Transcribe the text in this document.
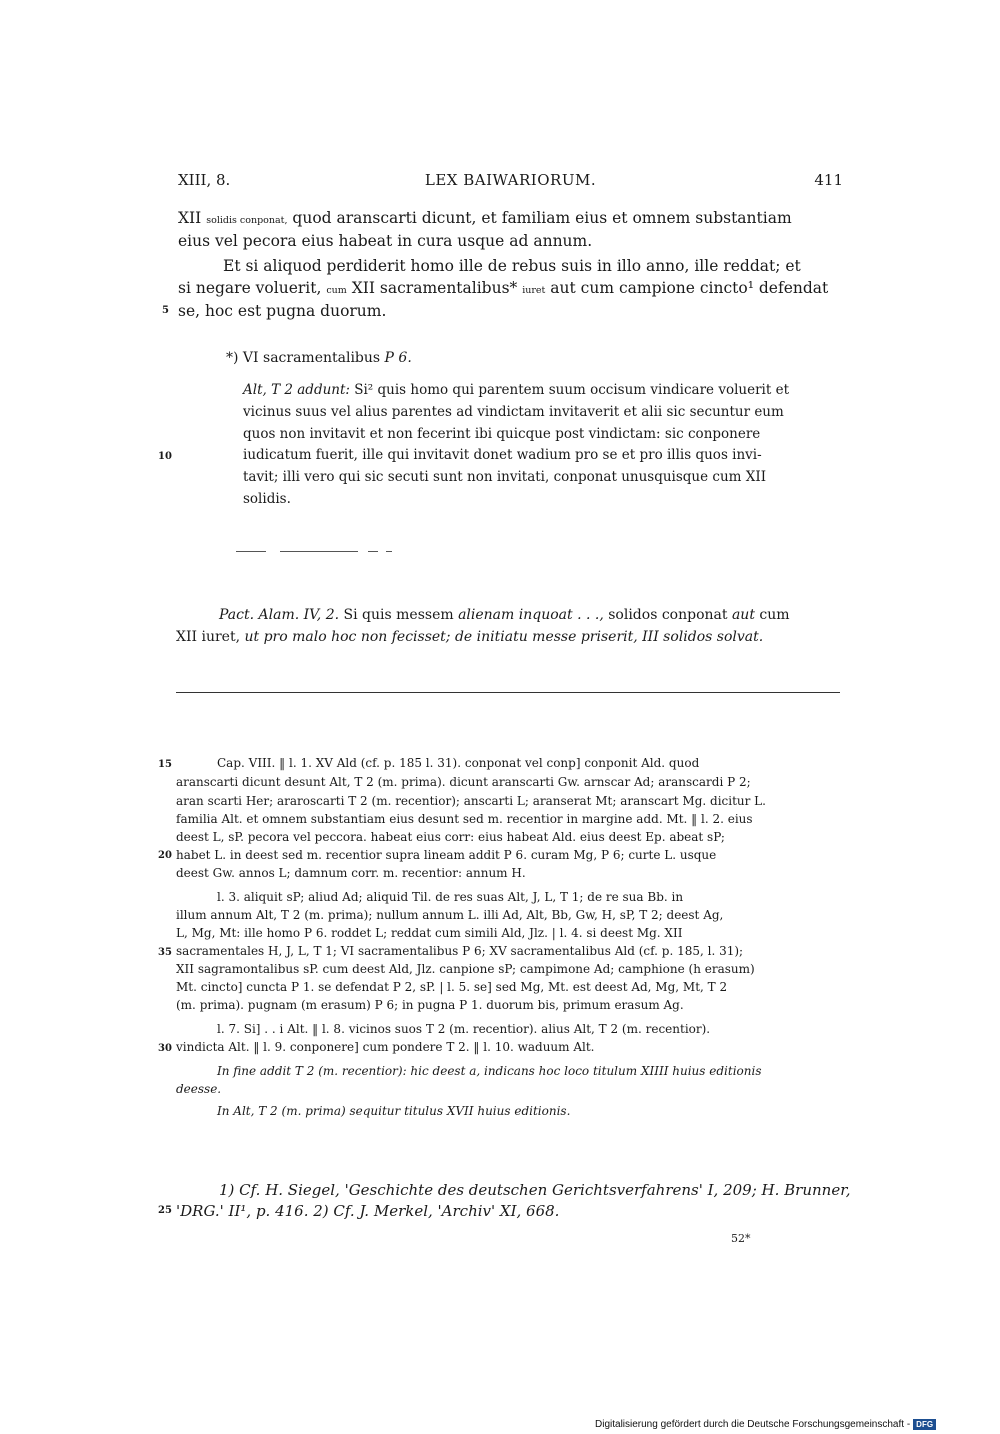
XIII, 8.	LEX BAIWARIORUM.	411
XII solidis conponat, quod aranscarti dicunt, et familiam eius et omnem substantiam
eius vel pecora eius habeat in cura usque ad annum.
Et si aliquod perdiderit homo ille de rebus suis in illo anno, ille reddat; et
si negare voluerit, cum XII sacramentalibus* iuret aut cum campione cincto¹ defendat
se, hoc est pugna duorum.
*) VI sacramentalibus P 6.
Alt, T 2 addunt: Si² quis homo qui parentem suum occisum vindicare voluerit et
vicinus suus vel alius parentes ad vindictam invitaverit et alii sic secuntur eum
quos non invitavit et non fecerint ibi quicque post vindictam: sic conponere
iudicatum fuerit, ille qui invitavit donet wadium pro se et pro illis quos invi-
tavit; illi vero qui sic secuti sunt non invitati, conponat unusquisque cum XII
solidis.
Pact. Alam. IV, 2. Si quis messem alienam inquoat . . ., solidos conponat aut cum
XII iuret, ut pro malo hoc non fecisset; de initiatu messe priserit, III solidos solvat.
Cap. VIII. ‖ l. 1. XV Ald (cf. p. 185 l. 31). conponat vel conp] conponit Ald. quod
aranscarti dicunt desunt Alt, T 2 (m. prima). dicunt aranscarti Gw. arnscar Ad; aranscardi P 2;
aran scarti Her; araroscarti T 2 (m. recentior); anscarti L; aranserat Mt; aranscart Mg. dicitur L.
familia Alt. et omnem substantiam eius desunt sed m. recentior in margine add. Mt. ‖ l. 2. eius
deest L, sP. pecora vel peccora. habeat eius corr: eius habeat Ald. eius deest Ep. abeat sP;
habet L. in deest sed m. recentior supra lineam addit P 6. curam Mg, P 6; curte L. usque
deest Gw. annos L; damnum corr. m. recentior: annum H.
l. 3. aliquit sP; aliud Ad; aliquid Til. de res suas Alt, J, L, T 1; de re sua Bb. in
illum annum Alt, T 2 (m. prima); nullum annum L. illi Ad, Alt, Bb, Gw, H, sP, T 2; deest Ag,
L, Mg, Mt: ille homo P 6. roddet L; reddat cum simili Ald, Jlz. | l. 4. si deest Mg. XII
sacramentales H, J, L, T 1; VI sacramentalibus P 6; XV sacramentalibus Ald (cf. p. 185, l. 31);
XII sagramontalibus sP. cum deest Ald, Jlz. canpione sP; campimone Ad; camphione (h erasum)
Mt. cincto] cuncta P 1. se defendat P 2, sP. | l. 5. se] sed Mg, Mt. est deest Ad, Mg, Mt, T 2
(m. prima). pugnam (m erasum) P 6; in pugna P 1. duorum bis, primum erasum Ag.
l. 7. Si] . . i Alt. ‖ l. 8. vicinos suos T 2 (m. recentior). alius Alt, T 2 (m. recentior).
vindicta Alt. ‖ l. 9. conponere] cum pondere T 2. ‖ l. 10. waduum Alt.
In fine addit T 2 (m. recentior): hic deest a, indicans hoc loco titulum XIIII huius editionis
deesse.
In Alt, T 2 (m. prima) sequitur titulus XVII huius editionis.
1) Cf. H. Siegel, 'Geschichte des deutschen Gerichtsverfahrens' I, 209; H. Brunner,
'DRG.' II¹, p. 416. 2) Cf. J. Merkel, 'Archiv' XI, 668.
52*
5
10
15
20
25
30
35
Digitalisierung gefördert durch die Deutsche Forschungsgemeinschaft - DFG
